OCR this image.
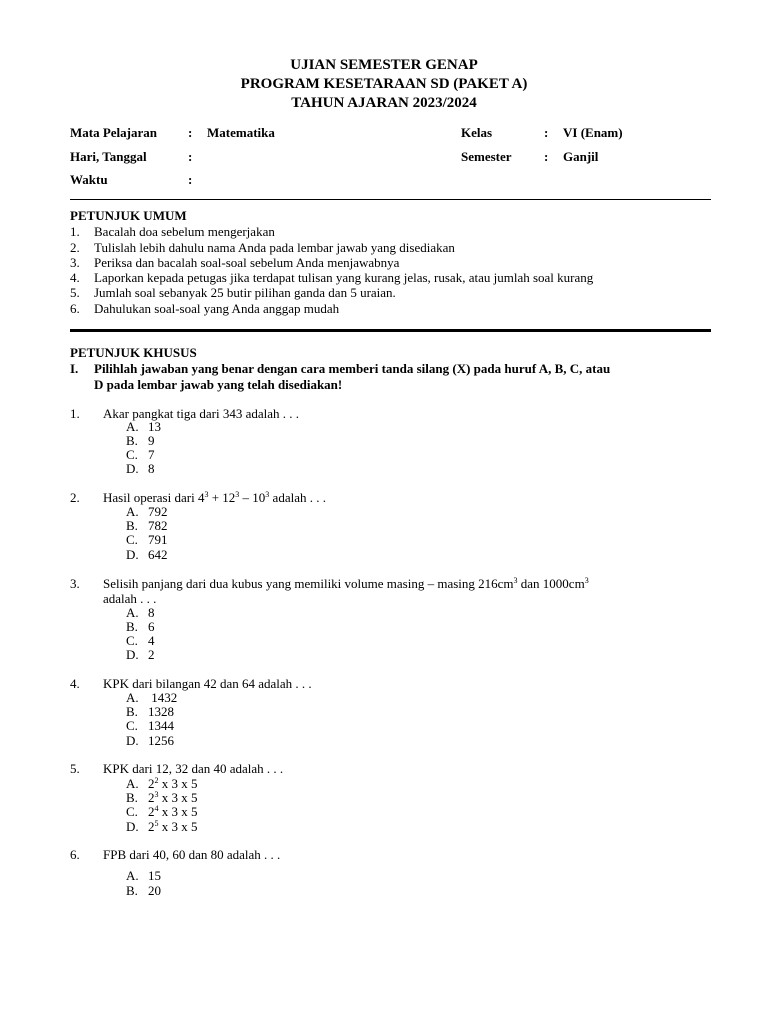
UJIAN SEMESTER GENAP
PROGRAM KESETARAAN SD (PAKET A)
TAHUN AJARAN 2023/2024
Mata Pelajaran : Matematika	Kelas	: VI (Enam)
Hari, Tanggal	:	Semester : Ganjil
Waktu	:
PETUNJUK UMUM
1. Bacalah doa sebelum mengerjakan
2. Tulislah lebih dahulu nama Anda pada lembar jawab yang disediakan
3. Periksa dan bacalah soal-soal sebelum Anda menjawabnya
4. Laporkan kepada petugas jika terdapat tulisan yang kurang jelas, rusak, atau jumlah soal kurang
5. Jumlah soal sebanyak 25 butir pilihan ganda dan 5 uraian.
6. Dahulukan soal-soal yang Anda anggap mudah
PETUNJUK KHUSUS
I. Pilihlah jawaban yang benar dengan cara memberi tanda silang (X) pada huruf A, B, C, atau
D pada lembar jawab yang telah disediakan!
1. Akar pangkat tiga dari 343 adalah . . .
A. 13
B. 9
C. 7
D. 8
2. Hasil operasi dari $4^3 + 12^3 - 10^3$ adalah . . .
A. 792
B. 782
C. 791
D. 642
3. Selisih panjang dari dua kubus yang memiliki volume masing – masing $216cm^3$ dan $1000cm^3$
adalah . . .
A. 8
B. 6
C. 4
D. 2
4. KPK dari bilangan 42 dan 64 adalah . . .
A. 1432
B. 1328
C. 1344
D. 1256
5. KPK dari 12, 32 dan 40 adalah . . .
A. $2^2$ x 3 x 5
B. $2^3$ x 3 x 5
C. $2^4$ x 3 x 5
D. $2^5$ x 3 x 5
6. FPB dari 40, 60 dan 80 adalah . . .
A. 15
B. 20
